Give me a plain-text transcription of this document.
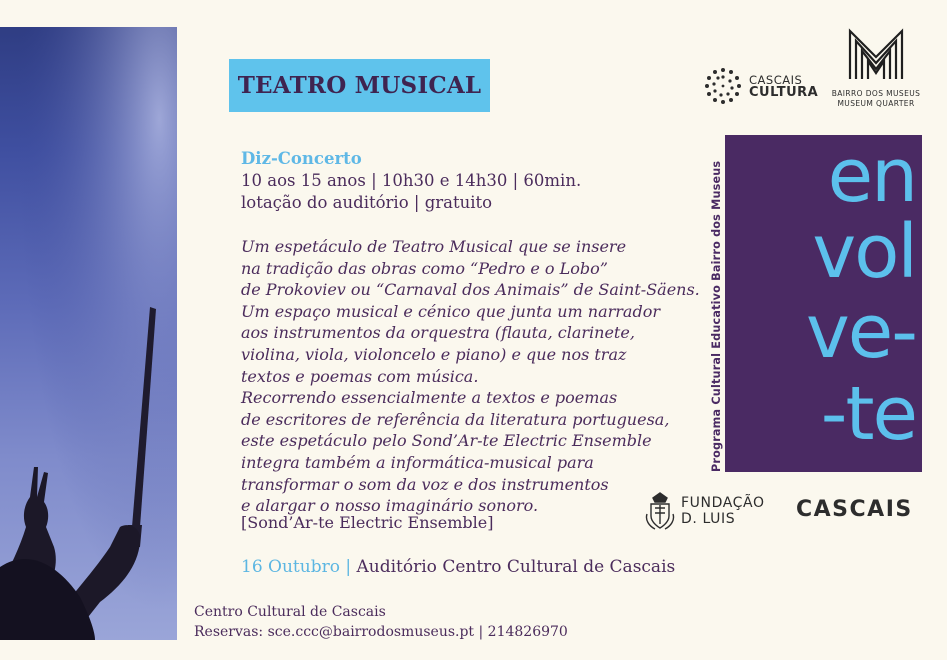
TEATRO MUSICAL
Diz-Concerto
10 aos 15 anos | 10h30 e 14h30 | 60min.
lotação do auditório | gratuito
Um espetáculo de Teatro Musical que se insere
na tradição das obras como “Pedro e o Lobo”
de Prokoviev ou “Carnaval dos Animais” de Saint-Säens.
Um espaço musical e cénico que junta um narrador
aos instrumentos da orquestra (flauta, clarinete,
violina, viola, violoncelo e piano) e que nos traz
textos e poemas com música.
Recorrendo essencialmente a textos e poemas
de escritores de referência da literatura portuguesa,
este espetáculo pelo Sond’Ar-te Electric Ensemble
integra também a informática-musical para
transformar o som da voz e dos instrumentos
e alargar o nosso imaginário sonoro.
[Sond’Ar-te Electric Ensemble]
16 Outubro | Auditório Centro Cultural de Cascais
Centro Cultural de Cascais
Reservas: sce.ccc@bairrodosmuseus.pt | 214826970
CASCAIS
CULTURA	BAIRRO DOS MUSEUS
MUSEUM QUARTER
en
vol
ve-
-te
Programa Cultural Educativo Bairro dos Museus
FUNDAÇÃO
D. LUIS	CASCAIS
